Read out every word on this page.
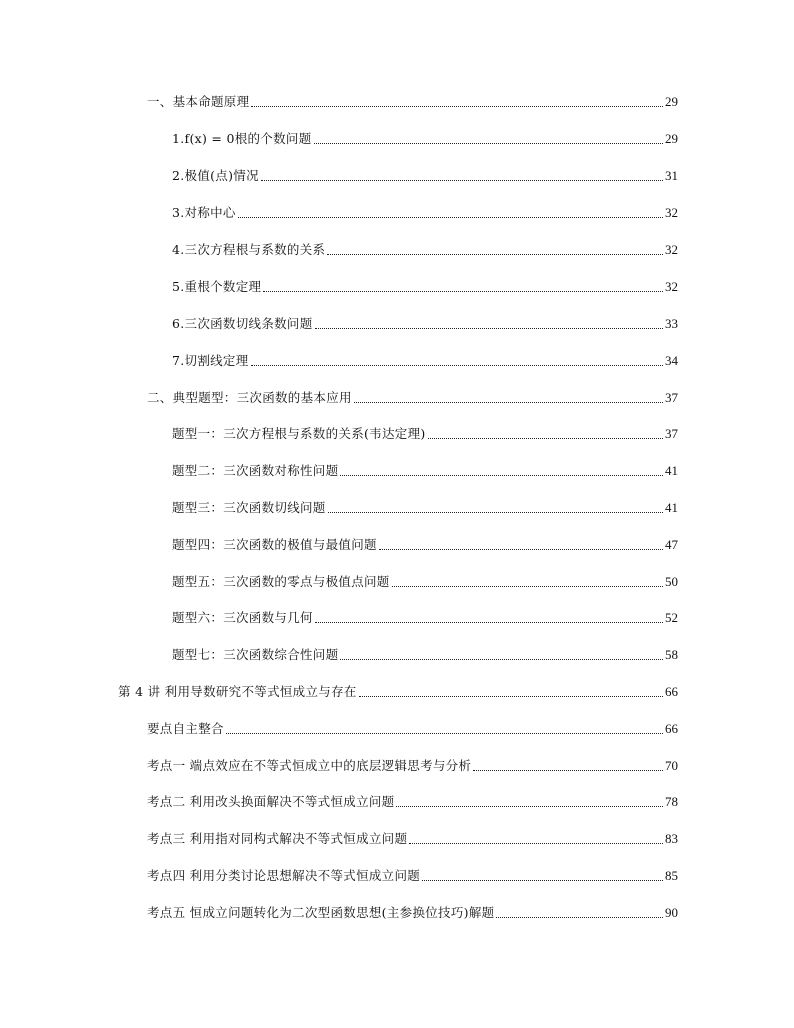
一、基本命题原理	29
1.f(x) = 0根的个数问题	29
2.极值(点)情况	31
3.对称中心	32
4.三次方程根与系数的关系	32
5.重根个数定理	32
6.三次函数切线条数问题	33
7.切割线定理	34
二、典型题型：三次函数的基本应用	37
题型一：三次方程根与系数的关系(韦达定理)	37
题型二：三次函数对称性问题	41
题型三：三次函数切线问题	41
题型四：三次函数的极值与最值问题	47
题型五：三次函数的零点与极值点问题	50
题型六：三次函数与几何	52
题型七：三次函数综合性问题	58
第 4 讲 利用导数研究不等式恒成立与存在	66
要点自主整合	66
考点一 端点效应在不等式恒成立中的底层逻辑思考与分析	70
考点二 利用改头换面解决不等式恒成立问题	78
考点三 利用指对同构式解决不等式恒成立问题	83
考点四 利用分类讨论思想解决不等式恒成立问题	85
考点五 恒成立问题转化为二次型函数思想(主参换位技巧)解题	90
